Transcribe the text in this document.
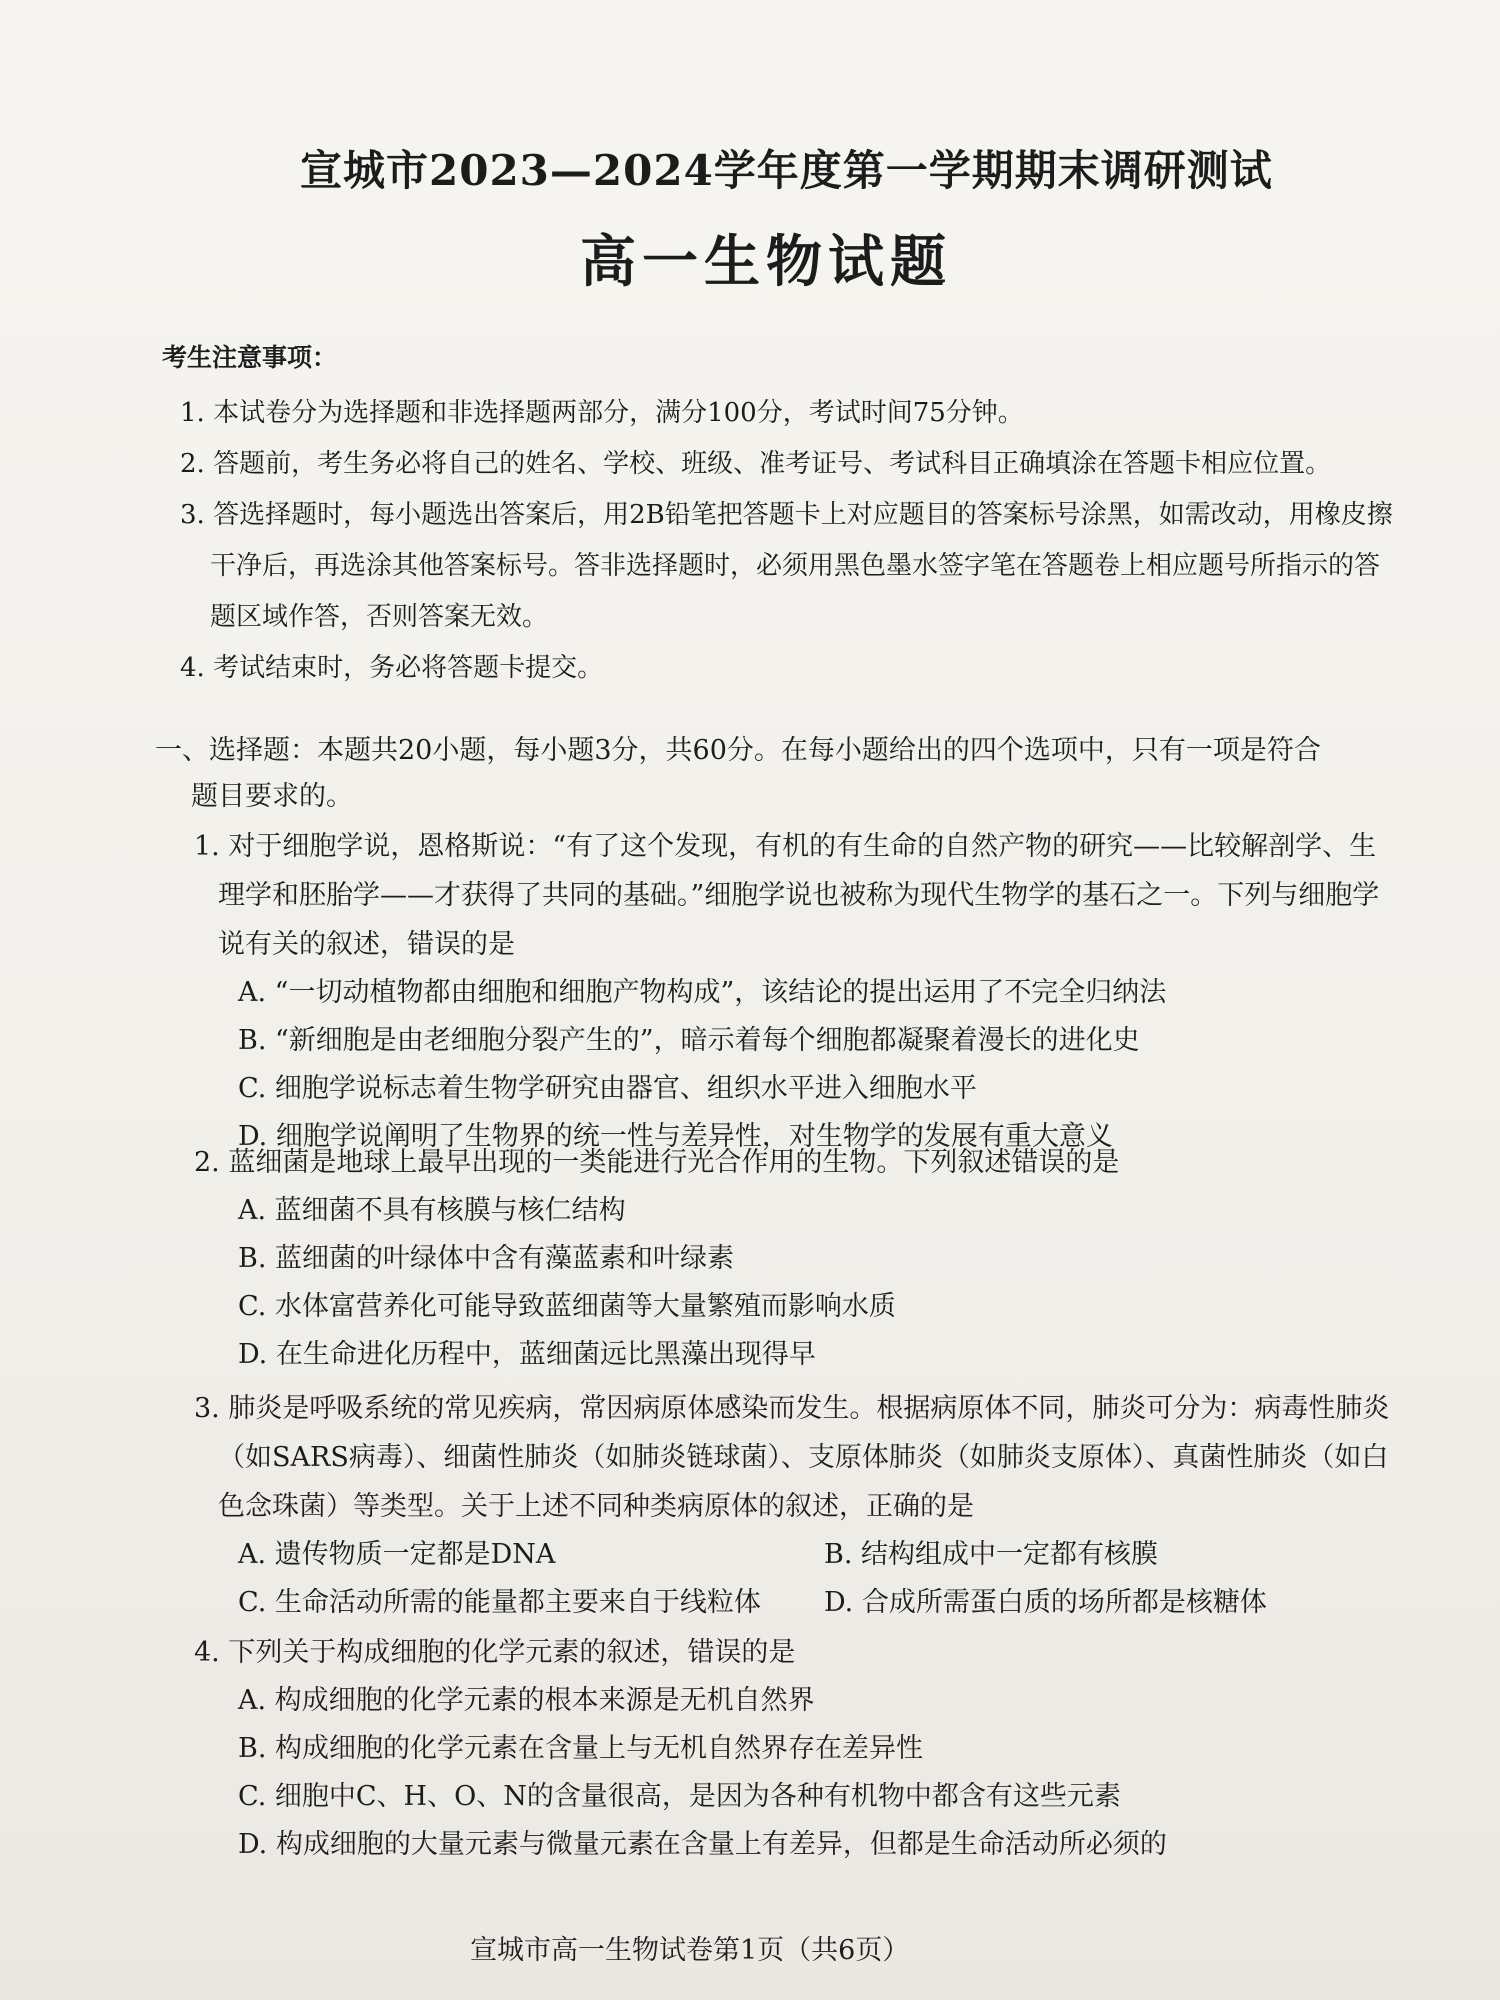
宣城市2023—2024学年度第一学期期末调研测试
高一生物试题
考生注意事项：
1. 本试卷分为选择题和非选择题两部分，满分100分，考试时间75分钟。
2. 答题前，考生务必将自己的姓名、学校、班级、准考证号、考试科目正确填涂在答题卡相应位置。
3. 答选择题时，每小题选出答案后，用2B铅笔把答题卡上对应题目的答案标号涂黑，如需改动，用橡皮擦干净后，再选涂其他答案标号。答非选择题时，必须用黑色墨水签字笔在答题卷上相应题号所指示的答题区域作答，否则答案无效。
4. 考试结束时，务必将答题卡提交。
一、选择题：本题共20小题，每小题3分，共60分。在每小题给出的四个选项中，只有一项是符合
题目要求的。
1. 对于细胞学说，恩格斯说：“有了这个发现，有机的有生命的自然产物的研究——比较解剖学、生理学和胚胎学——才获得了共同的基础。”细胞学说也被称为现代生物学的基石之一。下列与细胞学说有关的叙述，错误的是
A. “一切动植物都由细胞和细胞产物构成”，该结论的提出运用了不完全归纳法
B. “新细胞是由老细胞分裂产生的”，暗示着每个细胞都凝聚着漫长的进化史
C. 细胞学说标志着生物学研究由器官、组织水平进入细胞水平
D. 细胞学说阐明了生物界的统一性与差异性，对生物学的发展有重大意义
2. 蓝细菌是地球上最早出现的一类能进行光合作用的生物。下列叙述错误的是
A. 蓝细菌不具有核膜与核仁结构
B. 蓝细菌的叶绿体中含有藻蓝素和叶绿素
C. 水体富营养化可能导致蓝细菌等大量繁殖而影响水质
D. 在生命进化历程中，蓝细菌远比黑藻出现得早
3. 肺炎是呼吸系统的常见疾病，常因病原体感染而发生。根据病原体不同，肺炎可分为：病毒性肺炎（如SARS病毒）、细菌性肺炎（如肺炎链球菌）、支原体肺炎（如肺炎支原体）、真菌性肺炎（如白色念珠菌）等类型。关于上述不同种类病原体的叙述，正确的是
A. 遗传物质一定都是DNA	B. 结构组成中一定都有核膜
C. 生命活动所需的能量都主要来自于线粒体	D. 合成所需蛋白质的场所都是核糖体
4. 下列关于构成细胞的化学元素的叙述，错误的是
A. 构成细胞的化学元素的根本来源是无机自然界
B. 构成细胞的化学元素在含量上与无机自然界存在差异性
C. 细胞中C、H、O、N的含量很高，是因为各种有机物中都含有这些元素
D. 构成细胞的大量元素与微量元素在含量上有差异，但都是生命活动所必须的
宣城市高一生物试卷第1页（共6页）
